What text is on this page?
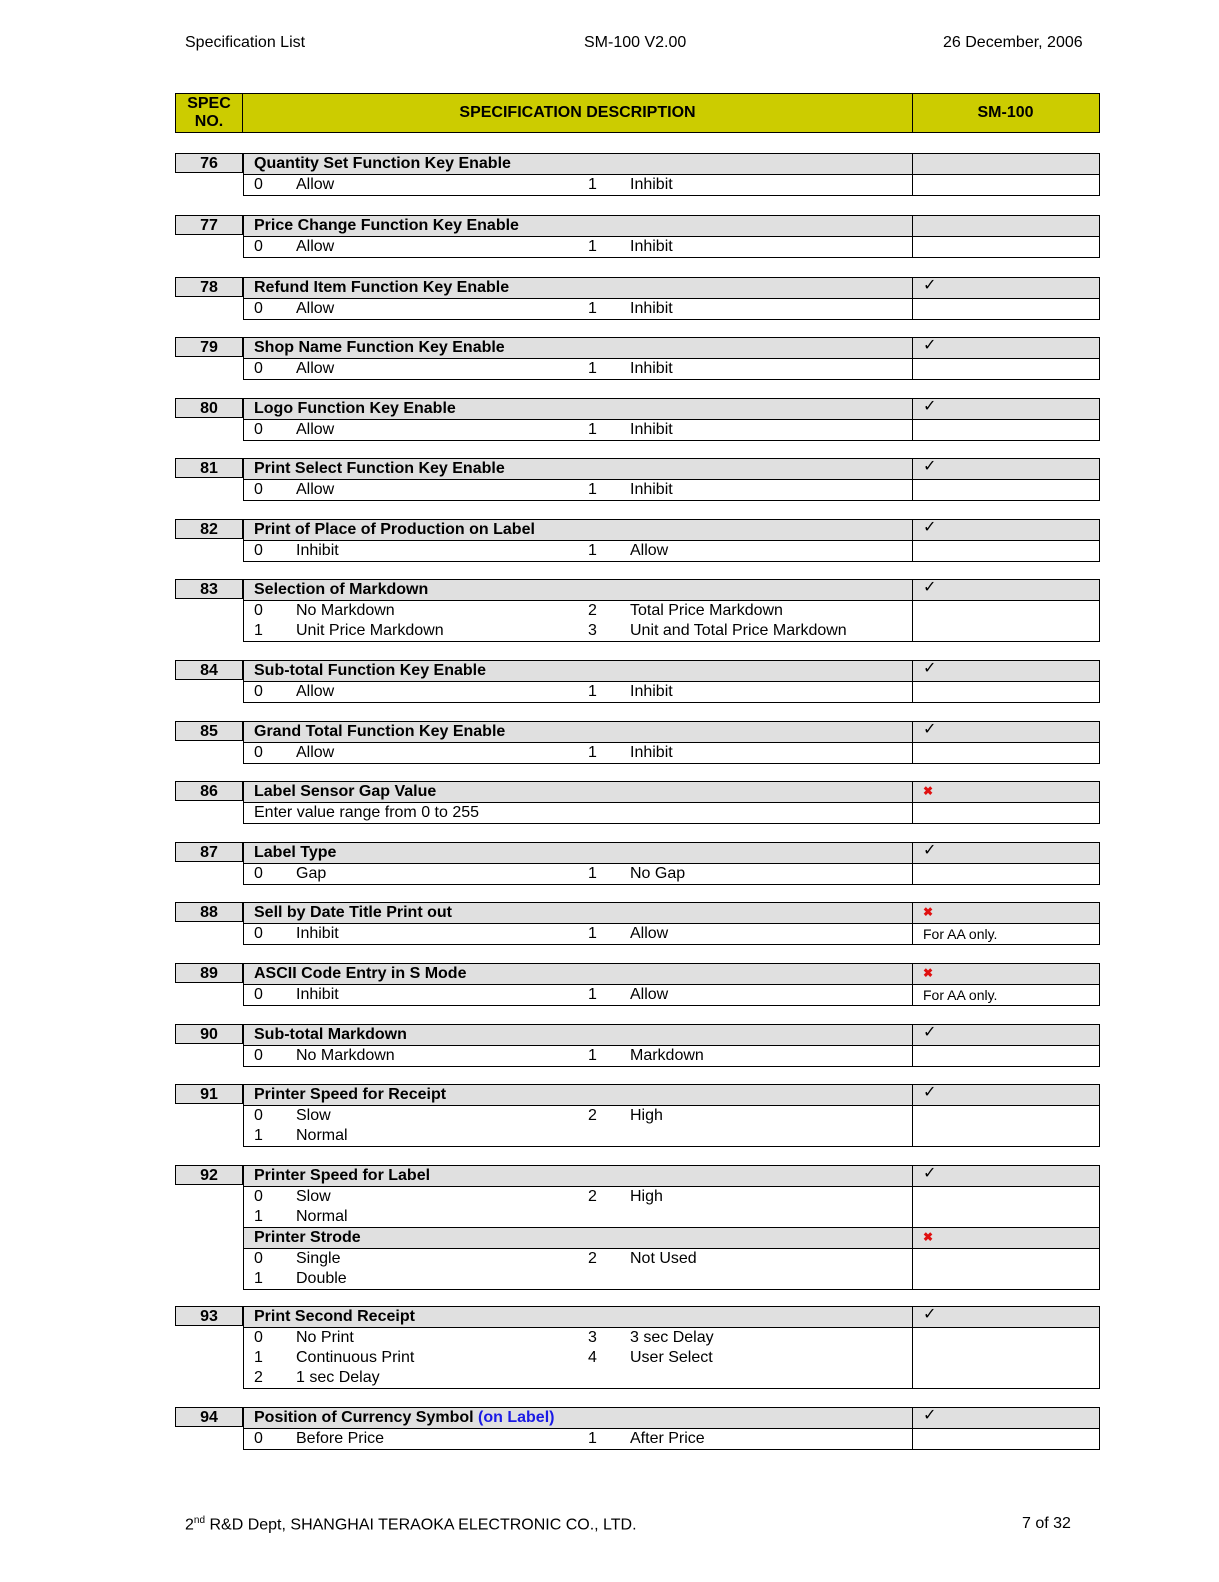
Specification List	SM-100 V2.00	26 December, 2006
SPEC
NO.
SPECIFICATION DESCRIPTION	SM-100
76	Quantity Set Function Key Enable
0 Allow	1 Inhibit
77	Price Change Function Key Enable
0 Allow	1 Inhibit
78	Refund Item Function Key Enable	✓
0 Allow	1 Inhibit
79	Shop Name Function Key Enable	✓
0 Allow	1 Inhibit
80	Logo Function Key Enable	✓
0 Allow	1 Inhibit
81	Print Select Function Key Enable	✓
0 Allow	1 Inhibit
82	Print of Place of Production on Label	✓
0 Inhibit	1 Allow
83	Selection of Markdown	✓
0 No Markdown	2 Total Price Markdown
1 Unit Price Markdown	3 Unit and Total Price Markdown
84	Sub-total Function Key Enable	✓
0 Allow	1 Inhibit
85	Grand Total Function Key Enable	✓
0 Allow	1 Inhibit
86	Label Sensor Gap Value	✖
Enter value range from 0 to 255
87	Label Type	✓
0 Gap	1 No Gap
88	Sell by Date Title Print out	✖
0 Inhibit	1 Allow	For AA only.
89	ASCII Code Entry in S Mode	✖
0 Inhibit	1 Allow	For AA only.
90	Sub-total Markdown	✓
0 No Markdown	1 Markdown
91	Printer Speed for Receipt	✓
0 Slow	2 High
1 Normal
92	Printer Speed for Label	✓
0 Slow	2 High
1 Normal
Printer Strode	✖
0 Single	2 Not Used
1 Double
93	Print Second Receipt	✓
0 No Print	3 3 sec Delay
1 Continuous Print	4 User Select
2 1 sec Delay
94	Position of Currency Symbol (on Label)	✓
0 Before Price	1 After Price
2nd R&D Dept, SHANGHAI TERAOKA ELECTRONIC CO., LTD.	7 of 32
